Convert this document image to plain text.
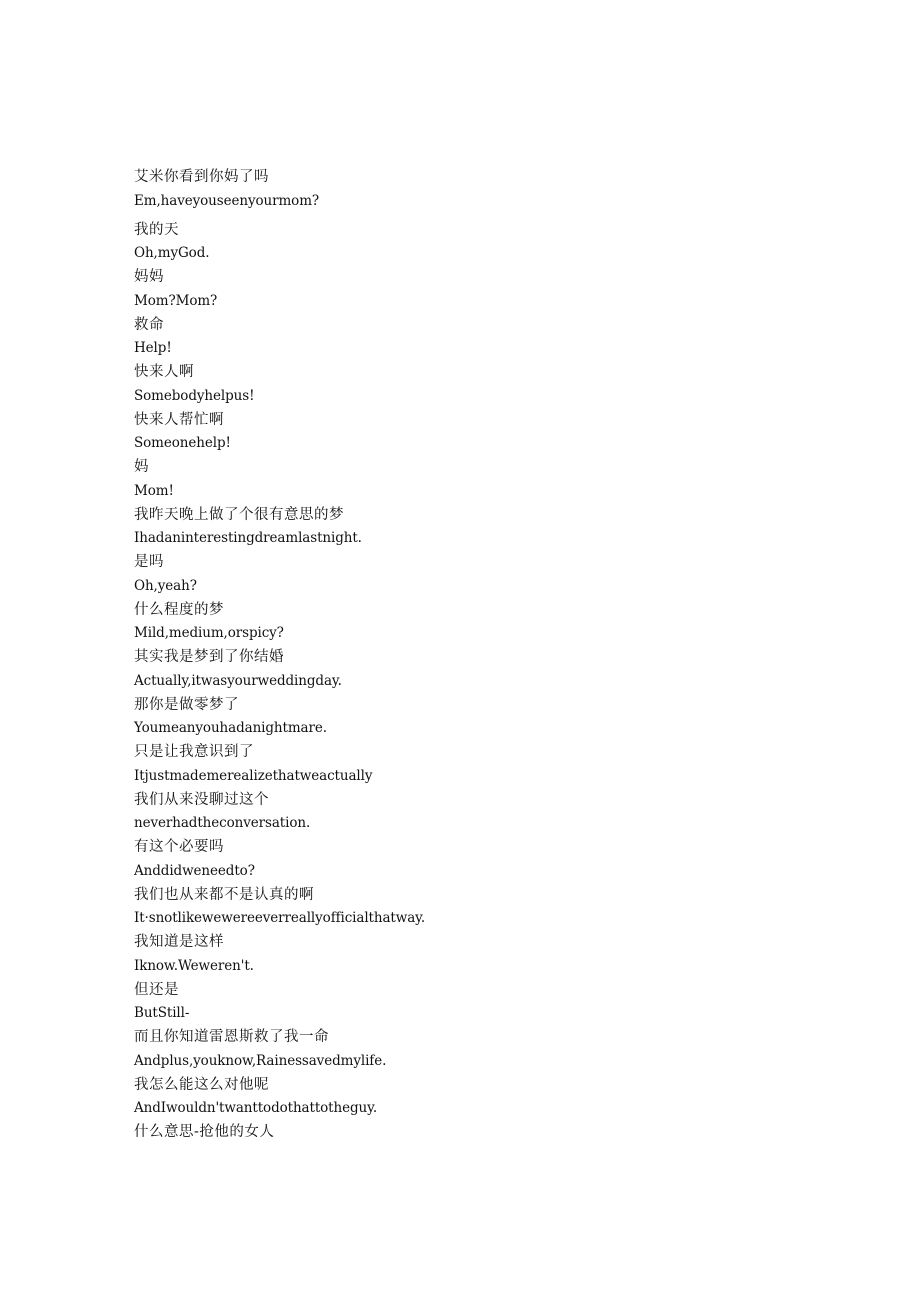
艾米你看到你妈了吗
Em,haveyouseenyourmom?
我的天
Oh,myGod.
妈妈
Mom?Mom?
救命
Help!
快来人啊
Somebodyhelpus!
快来人帮忙啊
Someonehelp!
妈
Mom!
我昨天晚上做了个很有意思的梦
Ihadaninterestingdreamlastnight.
是吗
Oh,yeah?
什么程度的梦
Mild,medium,orspicy?
其实我是梦到了你结婚
Actually,itwasyourweddingday.
那你是做零梦了
Youmeanyouhadanightmare.
只是让我意识到了
Itjustmademerealizethatweactually
我们从来没聊过这个
neverhadtheconversation.
有这个必要吗
Anddidweneedto?
我们也从来都不是认真的啊
It·snotlikewewereeverreallyofficialthatway.
我知道是这样
Iknow.Weweren't.
但还是
ButStill-
而且你知道雷恩斯救了我一命
Andplus,youknow,Rainessavedmylife.
我怎么能这么对他呢
AndIwouldn'twanttodothattotheguy.
什么意思-抢他的女人
